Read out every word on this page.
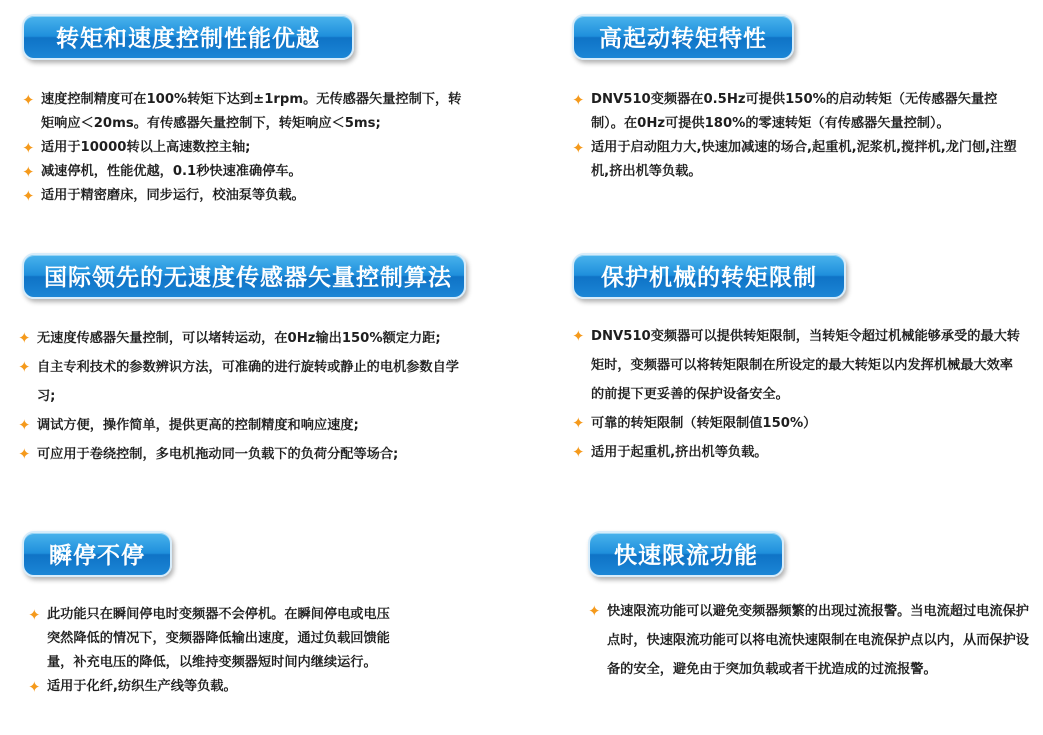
转矩和速度控制性能优越
✦ 速度控制精度可在100%转矩下达到±1rpm。无传感器矢量控制下，转矩响应＜20ms。有传感器矢量控制下，转矩响应＜5ms;
✦ 适用于10000转以上高速数控主轴;
✦ 减速停机，性能优越，0.1秒快速准确停车。
✦ 适用于精密磨床，同步运行，校油泵等负载。
高起动转矩特性
✦ DNV510变频器在0.5Hz可提供150%的启动转矩（无传感器矢量控制）。在0Hz可提供180%的零速转矩（有传感器矢量控制）。
✦ 适用于启动阻力大,快速加减速的场合,起重机,泥浆机,搅拌机,龙门刨,注塑机,挤出机等负载。
国际领先的无速度传感器矢量控制算法
✦ 无速度传感器矢量控制，可以堵转运动，在0Hz输出150%额定力距;
✦ 自主专利技术的参数辨识方法，可准确的进行旋转或静止的电机参数自学习;
✦ 调试方便，操作简单，提供更高的控制精度和响应速度;
✦ 可应用于卷绕控制，多电机拖动同一负载下的负荷分配等场合;
保护机械的转矩限制
✦ DNV510变频器可以提供转矩限制，当转矩令超过机械能够承受的最大转矩时，变频器可以将转矩限制在所设定的最大转矩以内发挥机械最大效率的前提下更妥善的保护设备安全。
✦ 可靠的转矩限制（转矩限制值150%）
✦ 适用于起重机,挤出机等负载。
瞬停不停
✦ 此功能只在瞬间停电时变频器不会停机。在瞬间停电或电压突然降低的情况下，变频器降低输出速度，通过负载回馈能量，补充电压的降低，以维持变频器短时间内继续运行。
✦ 适用于化纤,纺织生产线等负载。
快速限流功能
✦ 快速限流功能可以避免变频器频繁的出现过流报警。当电流超过电流保护点时，快速限流功能可以将电流快速限制在电流保护点以内，从而保护设备的安全，避免由于突加负载或者干扰造成的过流报警。
